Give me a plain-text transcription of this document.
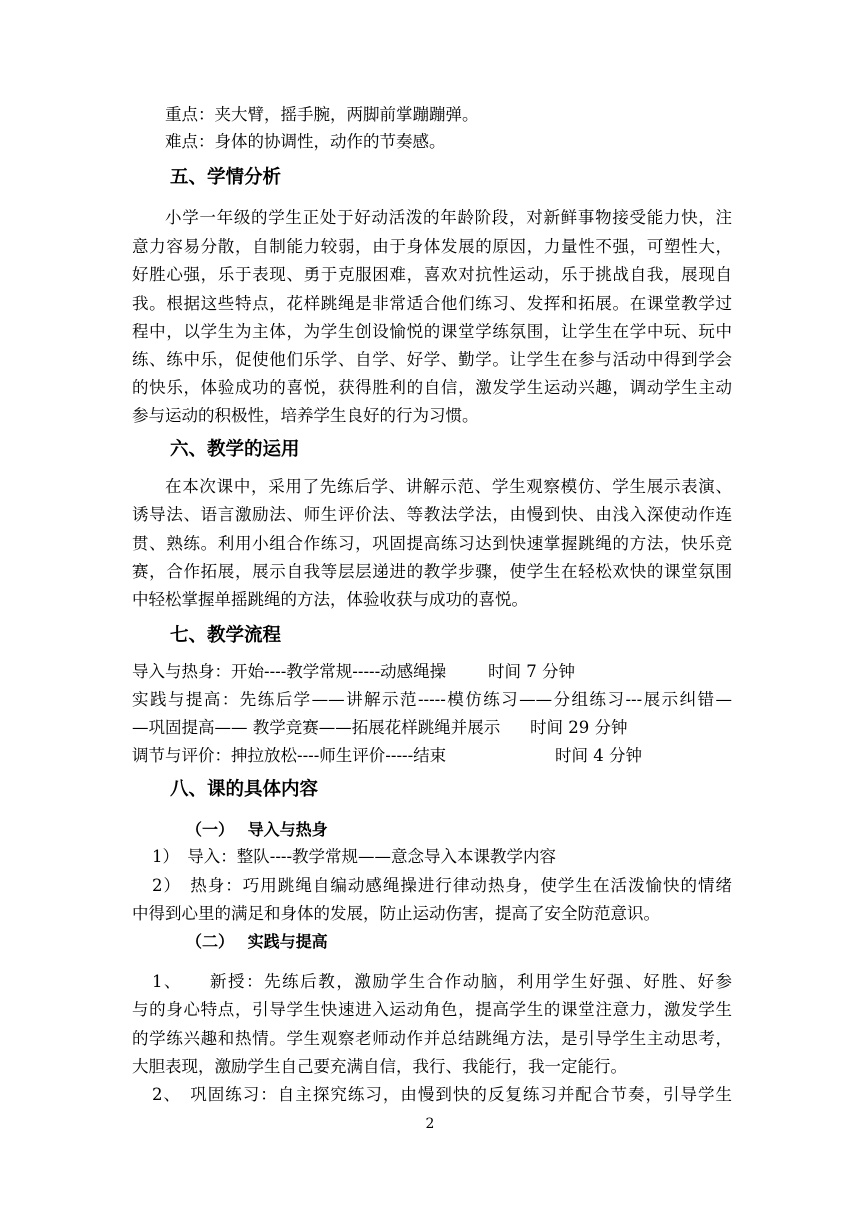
重点：夹大臂，摇手腕，两脚前掌蹦蹦弹。
难点：身体的协调性，动作的节奏感。
五、学情分析
小学一年级的学生正处于好动活泼的年龄阶段，对新鲜事物接受能力快，注
意力容易分散，自制能力较弱，由于身体发展的原因，力量性不强，可塑性大，
好胜心强，乐于表现、勇于克服困难，喜欢对抗性运动，乐于挑战自我，展现自
我。根据这些特点，花样跳绳是非常适合他们练习、发挥和拓展。在课堂教学过
程中，以学生为主体，为学生创设愉悦的课堂学练氛围，让学生在学中玩、玩中
练、练中乐，促使他们乐学、自学、好学、勤学。让学生在参与活动中得到学会
的快乐，体验成功的喜悦，获得胜利的自信，激发学生运动兴趣，调动学生主动
参与运动的积极性，培养学生良好的行为习惯。
六、教学的运用
在本次课中，采用了先练后学、讲解示范、学生观察模仿、学生展示表演、
诱导法、语言激励法、师生评价法、等教法学法，由慢到快、由浅入深使动作连
贯、熟练。利用小组合作练习，巩固提高练习达到快速掌握跳绳的方法，快乐竞
赛，合作拓展，展示自我等层层递进的教学步骤，使学生在轻松欢快的课堂氛围
中轻松掌握单摇跳绳的方法，体验收获与成功的喜悦。
七、教学流程
导入与热身：开始----教学常规-----动感绳操	时间 7 分钟
实践与提高：先练后学——讲解示范-----模仿练习——分组练习---展示纠错—
—巩固提高—— 教学竞赛——拓展花样跳绳并展示	时间 29 分钟
调节与评价：抻拉放松----师生评价-----结束	时间 4 分钟
八、课的具体内容
（一）　 导入与热身
1）　导入：整队----教学常规——意念导入本课教学内容
2）　热身：巧用跳绳自编动感绳操进行律动热身，使学生在活泼愉快的情绪
中得到心里的满足和身体的发展，防止运动伤害，提高了安全防范意识。
（二）　 实践与提高
1、　　新授：先练后教，激励学生合作动脑，利用学生好强、好胜、好参
与的身心特点，引导学生快速进入运动角色，提高学生的课堂注意力，激发学生
的学练兴趣和热情。学生观察老师动作并总结跳绳方法，是引导学生主动思考，
大胆表现，激励学生自己要充满自信，我行、我能行，我一定能行。
2、　巩固练习：自主探究练习，由慢到快的反复练习并配合节奏，引导学生
2
